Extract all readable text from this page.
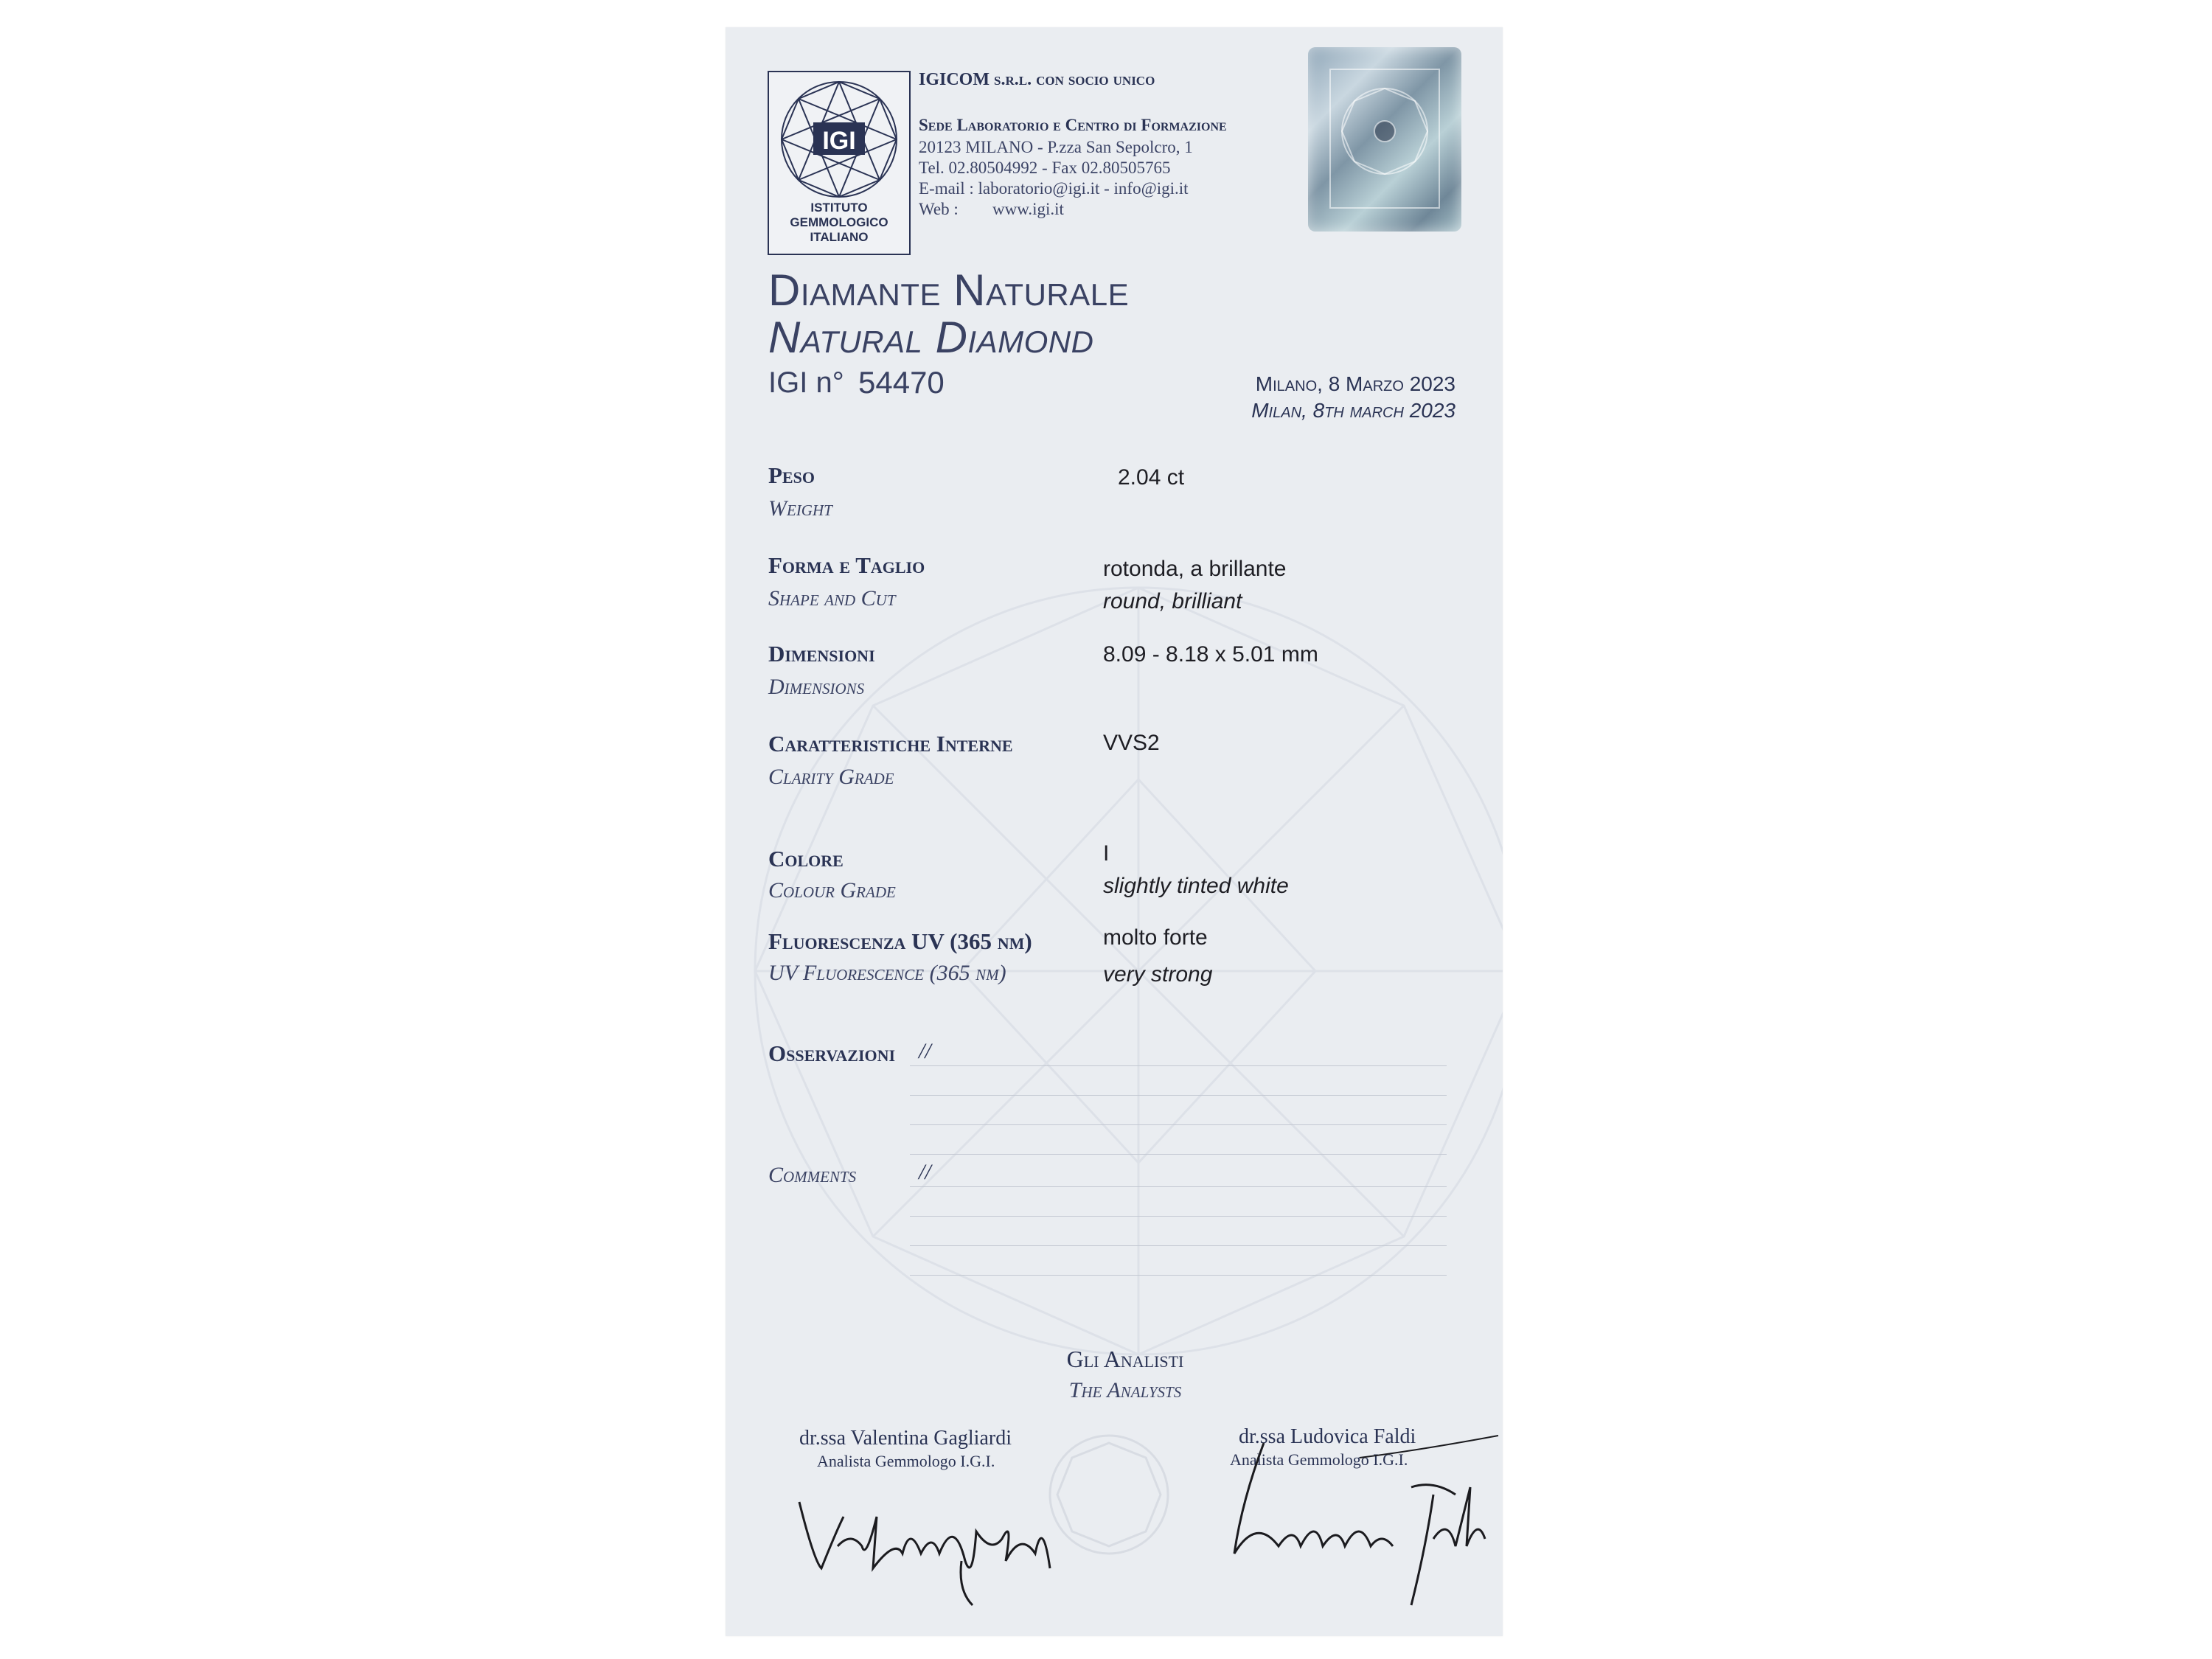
IGI
ISTITUTO
GEMMOLOGICO
ITALIANO
IGICOM s.r.l. con socio unico
Sede Laboratorio e Centro di Formazione
20123 MILANO - P.zza San Sepolcro, 1
Tel. 02.80504992 - Fax 02.80505765
E-mail : laboratorio@igi.it - info@igi.it
Web : www.igi.it
Diamante Naturale
Natural Diamond
IGI n° 54470	Milano, 8 Marzo 2023
Milan, 8th march 2023
Peso
Weight
2.04 ct
Forma e Taglio
Shape and Cut
rotonda, a brillante
round, brilliant
Dimensioni
Dimensions
8.09 - 8.18 x 5.01 mm
Caratteristiche Interne
Clarity Grade
VVS2
Colore
Colour Grade
I
slightly tinted white
Fluorescenza UV (365 nm)
UV Fluorescence (365 nm)
molto forte
very strong
Osservazioni //
Comments	//
Gli Analisti
The Analysts
dr.ssa Valentina Gagliardi
Analista Gemmologo I.G.I.
dr.ssa Ludovica Faldi
Analista Gemmologo I.G.I.
